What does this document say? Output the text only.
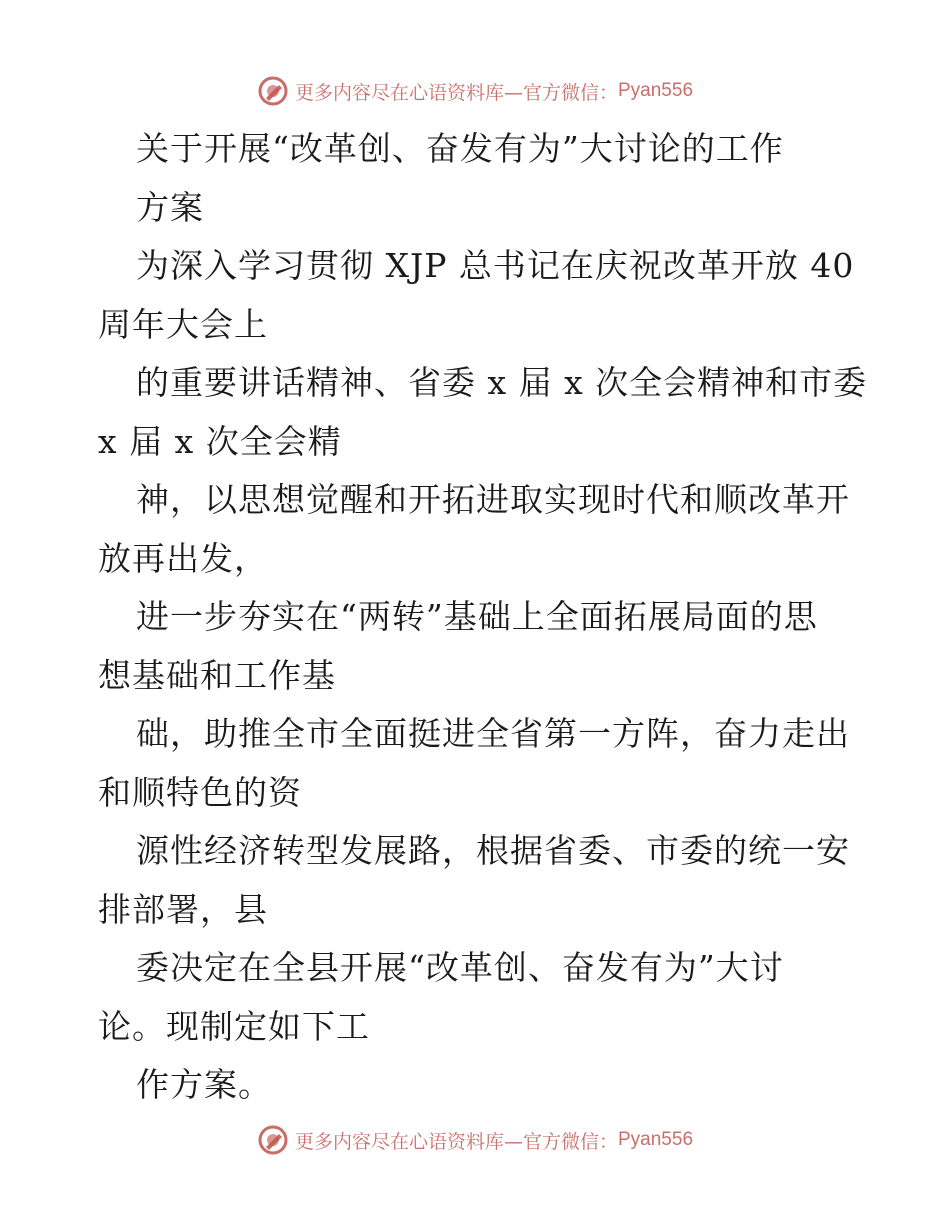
更多内容尽在心语资料库—官方微信： Pyan556
关于开展“改革创、奋发有为”大讨论的工作
方案
为深入学习贯彻 XJP 总书记在庆祝改革开放 40
周年大会上
的重要讲话精神、省委 x 届 x 次全会精神和市委
x 届 x 次全会精
神，以思想觉醒和开拓进取实现时代和顺改革开
放再出发，
进一步夯实在“两转”基础上全面拓展局面的思
想基础和工作基
础，助推全市全面挺进全省第一方阵，奋力走出
和顺特色的资
源性经济转型发展路，根据省委、市委的统一安
排部署，县
委决定在全县开展“改革创、奋发有为”大讨
论。现制定如下工
作方案。
更多内容尽在心语资料库—官方微信： Pyan556
